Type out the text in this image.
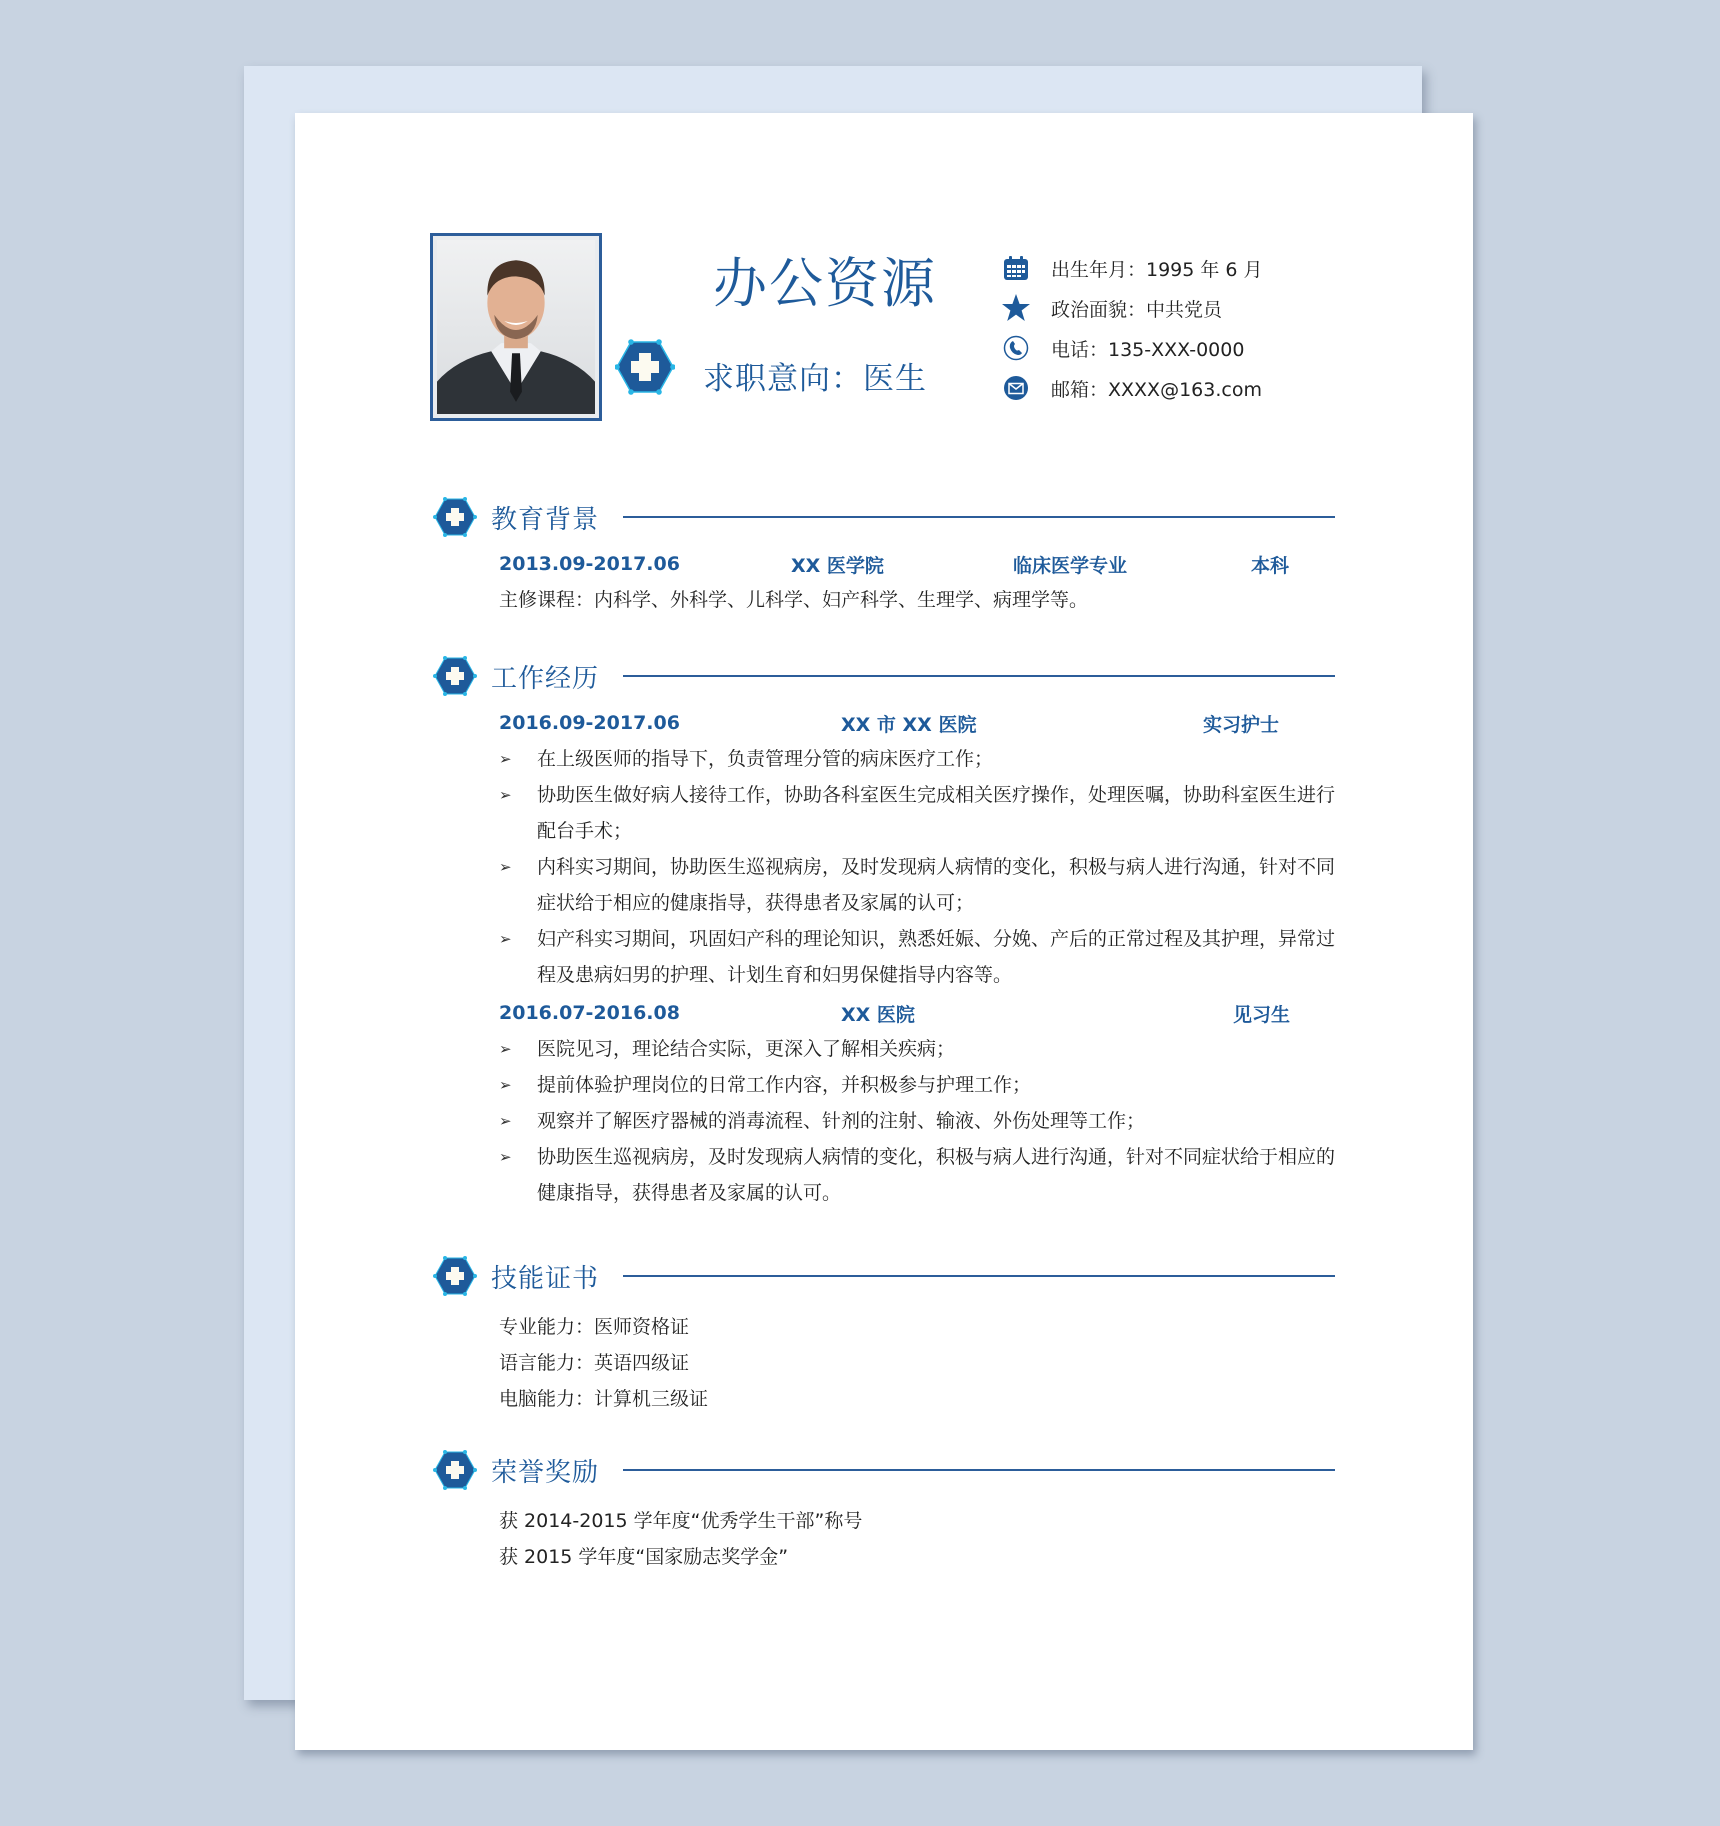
办公资源
求职意向：医生
出生年月：1995 年 6 月
政治面貌：中共党员
电话：135-XXX-0000
邮箱：XXXX@163.com
教育背景
2013.09-2017.06	XX 医学院	临床医学专业	本科
主修课程：内科学、外科学、儿科学、妇产科学、生理学、病理学等。
工作经历
2016.09-2017.06	XX 市 XX 医院	实习护士
➢	在上级医师的指导下，负责管理分管的病床医疗工作；
➢	协助医生做好病人接待工作，协助各科室医生完成相关医疗操作，处理医嘱，协助科室医生进行配台手术；
➢	内科实习期间，协助医生巡视病房，及时发现病人病情的变化，积极与病人进行沟通，针对不同症状给于相应的健康指导，获得患者及家属的认可；
➢	妇产科实习期间，巩固妇产科的理论知识，熟悉妊娠、分娩、产后的正常过程及其护理，异常过程及患病妇男的护理、计划生育和妇男保健指导内容等。
2016.07-2016.08	XX 医院	见习生
➢	医院见习，理论结合实际，更深入了解相关疾病；
➢	提前体验护理岗位的日常工作内容，并积极参与护理工作；
➢	观察并了解医疗器械的消毒流程、针剂的注射、输液、外伤处理等工作；
➢	协助医生巡视病房，及时发现病人病情的变化，积极与病人进行沟通，针对不同症状给于相应的健康指导，获得患者及家属的认可。
技能证书
专业能力：医师资格证
语言能力：英语四级证
电脑能力：计算机三级证
荣誉奖励
获 2014-2015 学年度“优秀学生干部”称号
获 2015 学年度“国家励志奖学金”
